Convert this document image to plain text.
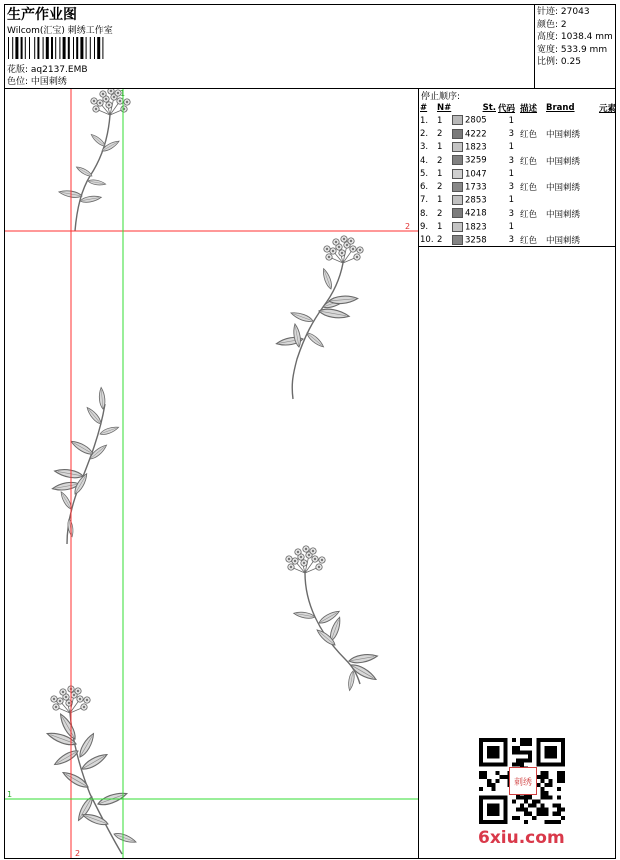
生产作业图
Wilcom(汇宝) 刺绣工作室
花版: aq2137.EMB
色位: 中国刺绣
针迹: 27043
颜色: 2
高度: 1038.4 mm
宽度: 533.9 mm
比例: 0.25
停止顺序:
#	N#	St.	代码	描述	Brand	元素
1.	1	2805	1			
2.	2	4222	3	红色	中国刺绣	
3.	1	1823	1			
4.	2	3259	3	红色	中国刺绣	
5.	1	1047	1			
6.	2	1733	3	红色	中国刺绣	
7.	1	2853	1			
8.	2	4218	3	红色	中国刺绣	
9.	1	1823	1			
10.	2	3258	3	红色	中国刺绣	
2
2
1
1
刺绣
6xiu.com
